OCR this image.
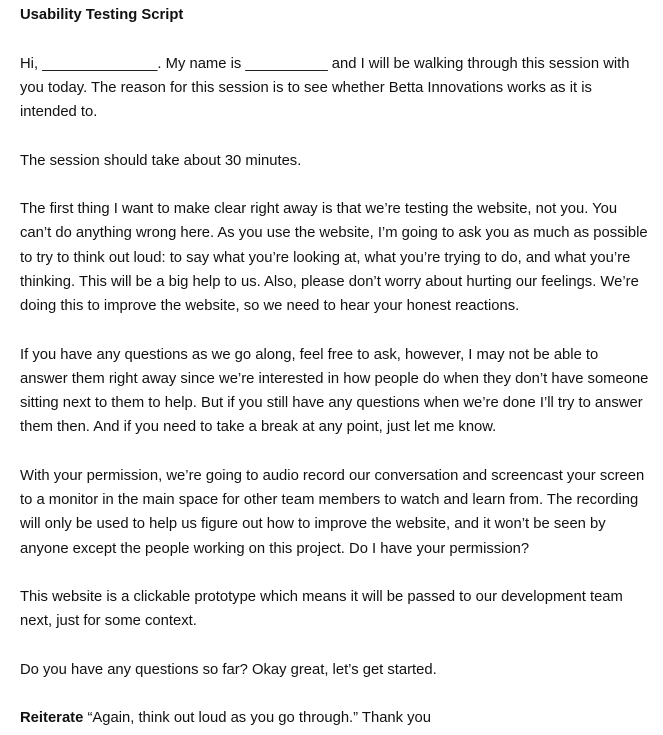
Usability Testing Script
Hi, ______________. My name is __________ and I will be walking through this session with
you today. The reason for this session is to see whether Betta Innovations works as it is
intended to.
The session should take about 30 minutes.
The first thing I want to make clear right away is that we’re testing the website, not you. You
can’t do anything wrong here. As you use the website, I’m going to ask you as much as possible
to try to think out loud: to say what you’re looking at, what you’re trying to do, and what you’re
thinking. This will be a big help to us. Also, please don’t worry about hurting our feelings. We’re
doing this to improve the website, so we need to hear your honest reactions.
If you have any questions as we go along, feel free to ask, however, I may not be able to
answer them right away since we’re interested in how people do when they don’t have someone
sitting next to them to help. But if you still have any questions when we’re done I’ll try to answer
them then. And if you need to take a break at any point, just let me know.
With your permission, we’re going to audio record our conversation and screencast your screen
to a monitor in the main space for other team members to watch and learn from. The recording
will only be used to help us figure out how to improve the website, and it won’t be seen by
anyone except the people working on this project. Do I have your permission?
This website is a clickable prototype which means it will be passed to our development team
next, just for some context.
Do you have any questions so far? Okay great, let’s get started.
Reiterate “Again, think out loud as you go through.” Thank you
